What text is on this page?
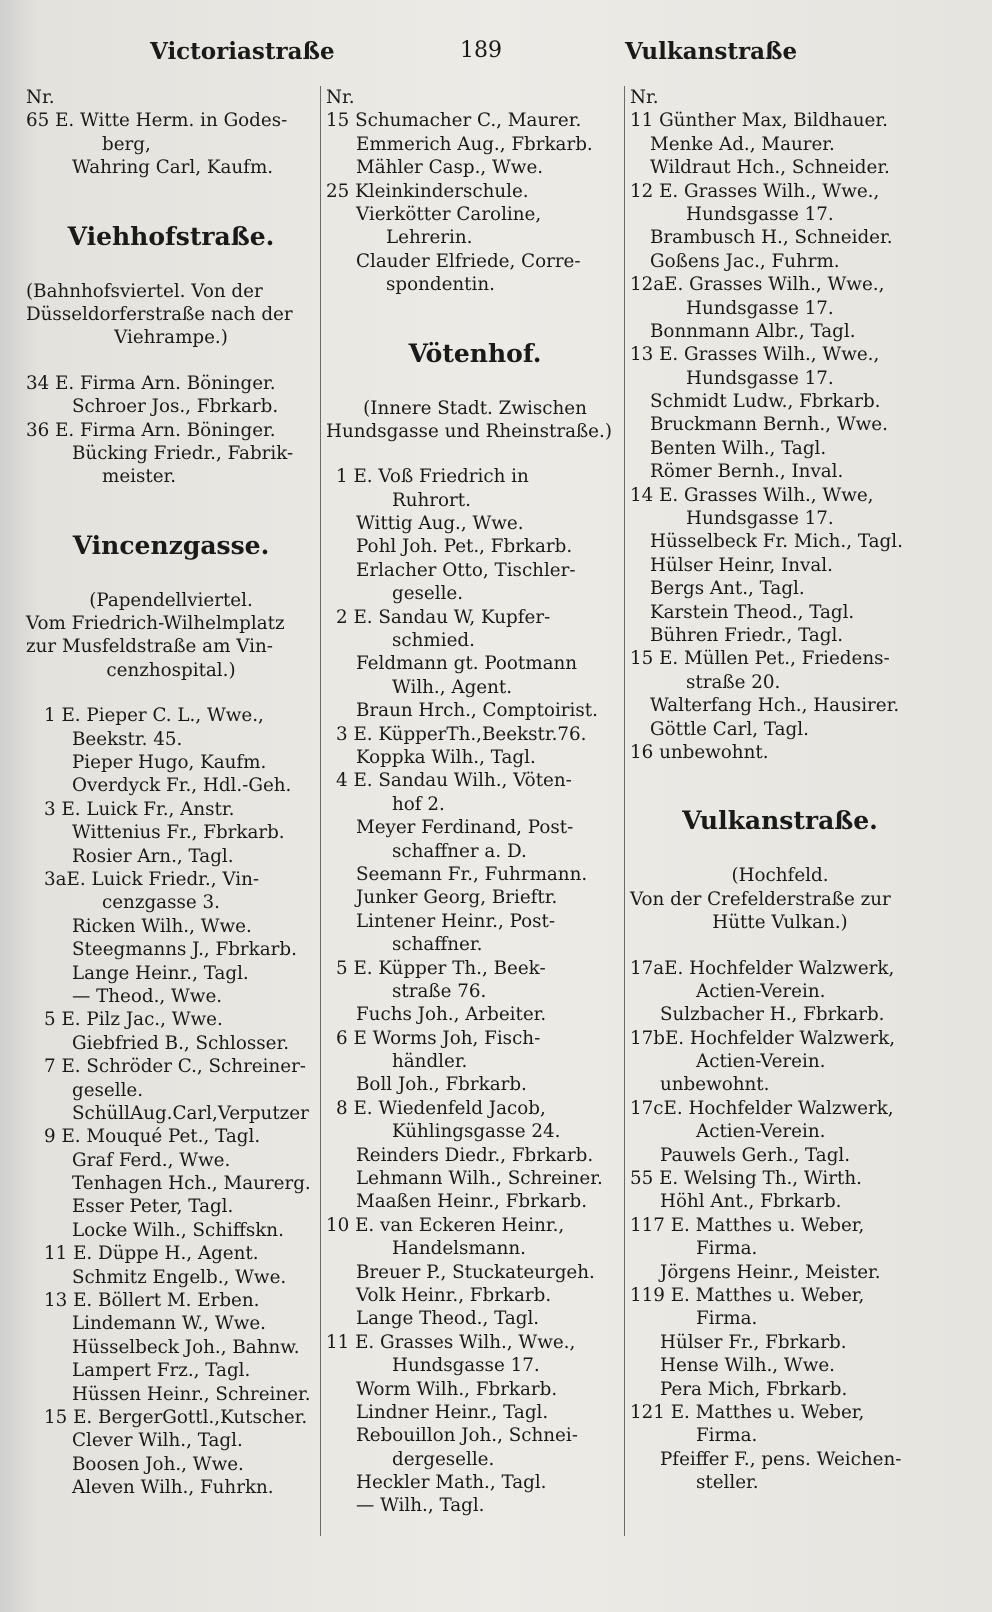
Victoriastraße	189	Vulkanstraße
Nr.
65 E. Witte Herm. in Godes-
berg,
Wahring Carl, Kaufm.
Viehhofstraße.
(Bahnhofsviertel. Von der
Düsseldorferstraße nach der
Viehrampe.)
34 E. Firma Arn. Böninger.
Schroer Jos., Fbrkarb.
36 E. Firma Arn. Böninger.
Bücking Friedr., Fabrik-
meister.
Vincenzgasse.
(Papendellviertel.
Vom Friedrich-Wilhelmplatz
zur Musfeldstraße am Vin-
cenzhospital.)
1 E. Pieper C. L., Wwe.,
Beekstr. 45.
Pieper Hugo, Kaufm.
Overdyck Fr., Hdl.-Geh.
3 E. Luick Fr., Anstr.
Wittenius Fr., Fbrkarb.
Rosier Arn., Tagl.
3aE. Luick Friedr., Vin-
cenzgasse 3.
Ricken Wilh., Wwe.
Steegmanns J., Fbrkarb.
Lange Heinr., Tagl.
— Theod., Wwe.
5 E. Pilz Jac., Wwe.
Giebfried B., Schlosser.
7 E. Schröder C., Schreiner-
geselle.
SchüllAug.Carl,Verputzer
9 E. Mouqué Pet., Tagl.
Graf Ferd., Wwe.
Tenhagen Hch., Maurerg.
Esser Peter, Tagl.
Locke Wilh., Schiffskn.
11 E. Düppe H., Agent.
Schmitz Engelb., Wwe.
13 E. Böllert M. Erben.
Lindemann W., Wwe.
Hüsselbeck Joh., Bahnw.
Lampert Frz., Tagl.
Hüssen Heinr., Schreiner.
15 E. BergerGottl.,Kutscher.
Clever Wilh., Tagl.
Boosen Joh., Wwe.
Aleven Wilh., Fuhrkn.
Nr.
15 Schumacher C., Maurer.
Emmerich Aug., Fbrkarb.
Mähler Casp., Wwe.
25 Kleinkinderschule.
Vierkötter Caroline,
Lehrerin.
Clauder Elfriede, Corre-
spondentin.
Vötenhof.
(Innere Stadt. Zwischen
Hundsgasse und Rheinstraße.)
1 E. Voß Friedrich in
Ruhrort.
Wittig Aug., Wwe.
Pohl Joh. Pet., Fbrkarb.
Erlacher Otto, Tischler-
geselle.
2 E. Sandau W, Kupfer-
schmied.
Feldmann gt. Pootmann
Wilh., Agent.
Braun Hrch., Comptoirist.
3 E. KüpperTh.,Beekstr.76.
Koppka Wilh., Tagl.
4 E. Sandau Wilh., Vöten-
hof 2.
Meyer Ferdinand, Post-
schaffner a. D.
Seemann Fr., Fuhrmann.
Junker Georg, Brieftr.
Lintener Heinr., Post-
schaffner.
5 E. Küpper Th., Beek-
straße 76.
Fuchs Joh., Arbeiter.
6 E Worms Joh, Fisch-
händler.
Boll Joh., Fbrkarb.
8 E. Wiedenfeld Jacob,
Kühlingsgasse 24.
Reinders Diedr., Fbrkarb.
Lehmann Wilh., Schreiner.
Maaßen Heinr., Fbrkarb.
10 E. van Eckeren Heinr.,
Handelsmann.
Breuer P., Stuckateurgeh.
Volk Heinr., Fbrkarb.
Lange Theod., Tagl.
11 E. Grasses Wilh., Wwe.,
Hundsgasse 17.
Worm Wilh., Fbrkarb.
Lindner Heinr., Tagl.
Rebouillon Joh., Schnei-
dergeselle.
Heckler Math., Tagl.
— Wilh., Tagl.
Nr.
11 Günther Max, Bildhauer.
Menke Ad., Maurer.
Wildraut Hch., Schneider.
12 E. Grasses Wilh., Wwe.,
Hundsgasse 17.
Brambusch H., Schneider.
Goßens Jac., Fuhrm.
12aE. Grasses Wilh., Wwe.,
Hundsgasse 17.
Bonnmann Albr., Tagl.
13 E. Grasses Wilh., Wwe.,
Hundsgasse 17.
Schmidt Ludw., Fbrkarb.
Bruckmann Bernh., Wwe.
Benten Wilh., Tagl.
Römer Bernh., Inval.
14 E. Grasses Wilh., Wwe,
Hundsgasse 17.
Hüsselbeck Fr. Mich., Tagl.
Hülser Heinr, Inval.
Bergs Ant., Tagl.
Karstein Theod., Tagl.
Bühren Friedr., Tagl.
15 E. Müllen Pet., Friedens-
straße 20.
Walterfang Hch., Hausirer.
Göttle Carl, Tagl.
16 unbewohnt.
Vulkanstraße.
(Hochfeld.
Von der Crefelderstraße zur
Hütte Vulkan.)
17aE. Hochfelder Walzwerk,
Actien-Verein.
Sulzbacher H., Fbrkarb.
17bE. Hochfelder Walzwerk,
Actien-Verein.
unbewohnt.
17cE. Hochfelder Walzwerk,
Actien-Verein.
Pauwels Gerh., Tagl.
55 E. Welsing Th., Wirth.
Höhl Ant., Fbrkarb.
117 E. Matthes u. Weber,
Firma.
Jörgens Heinr., Meister.
119 E. Matthes u. Weber,
Firma.
Hülser Fr., Fbrkarb.
Hense Wilh., Wwe.
Pera Mich, Fbrkarb.
121 E. Matthes u. Weber,
Firma.
Pfeiffer F., pens. Weichen-
steller.
